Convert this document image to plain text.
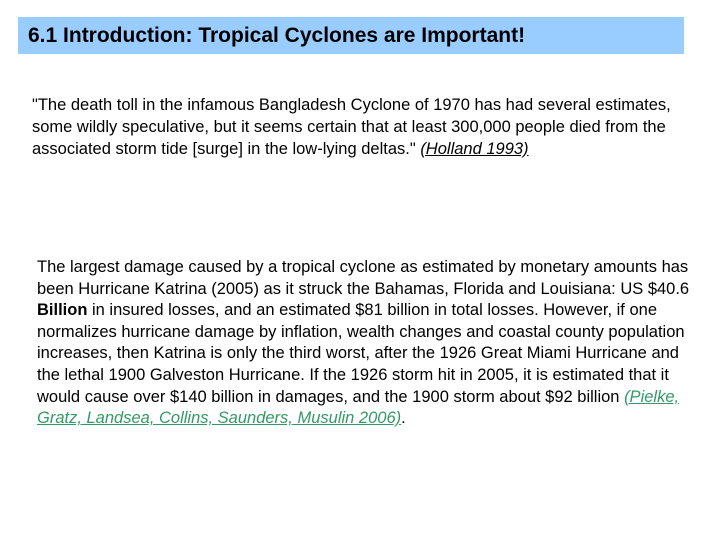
6.1 Introduction: Tropical Cyclones are Important!
"The death toll in the infamous Bangladesh Cyclone of 1970 has had several estimates, some wildly speculative, but it seems certain that at least 300,000 people died from the associated storm tide [surge] in the low-lying deltas." (Holland 1993)
The largest damage caused by a tropical cyclone as estimated by monetary amounts has been Hurricane Katrina (2005) as it struck the Bahamas, Florida and Louisiana: US $40.6 Billion in insured losses, and an estimated $81 billion in total losses. However, if one normalizes hurricane damage by inflation, wealth changes and coastal county population increases, then Katrina is only the third worst, after the 1926 Great Miami Hurricane and the lethal 1900 Galveston Hurricane. If the 1926 storm hit in 2005, it is estimated that it would cause over $140 billion in damages, and the 1900 storm about $92 billion (Pielke, Gratz, Landsea, Collins, Saunders, Musulin 2006).
